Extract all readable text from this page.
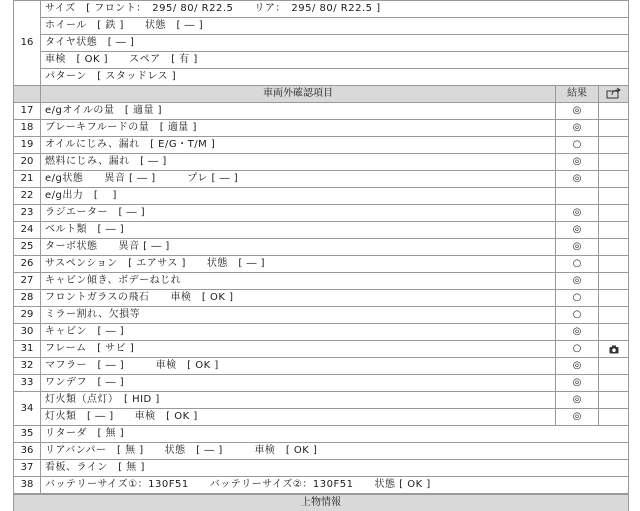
16	サイズ　[ フロント：　295/ 80/ R22.5　　リア：　295/ 80/ R22.5 ]		
	ホイール　[ 鉄 ]　　状態　[ ― ]		
	タイヤ状態　[ ― ]		
	車検　[ OK ]　　スペア　[ 有 ]		
	パターン　[ スタッドレス ]		
	車両外確認項目	結果	
17	e/gオイルの量　[ 適量 ]	◎	
18	ブレーキフルードの量　[ 適量 ]	◎	
19	オイルにじみ、漏れ　[ E/G・T/M ]	○	
20	燃料にじみ、漏れ　[ ― ]	◎	
21	e/g状態　　異音 [ ― ]　　　プレ [ ― ]	◎	
22	e/g出力　[　 ]		
23	ラジエーター　[ ― ]	◎	
24	ベルト類　[ ― ]	◎	
25	ターボ状態　　異音 [ ― ]	◎	
26	サスペンション　[ エアサス ]　　状態　[ ― ]	○	
27	キャビン傾き、ボデーねじれ	◎	
28	フロントガラスの飛石　　車検　[ OK ]	○	
29	ミラー割れ、欠損等	○	
30	キャビン　[ ― ]	◎	
31	フレーム　[ サビ ]	○	
32	マフラー　[ ― ]　　　車検　[ OK ]	◎	
33	ワンデフ　[ ― ]	◎	
34	灯火類（点灯）　[ HID ]	◎	
	灯火類　[ ― ]　　車検　[ OK ]	◎	
35	リターダ　[ 無 ]		
36	リアバンパー　[ 無 ]　　状態　[ ― ]　　　車検　[ OK ]		
37	看板、ライン　[ 無 ]		
38	バッテリーサイズ①：130F51　　バッテリーサイズ②：130F51　　状態 [ OK ]		
上物情報
